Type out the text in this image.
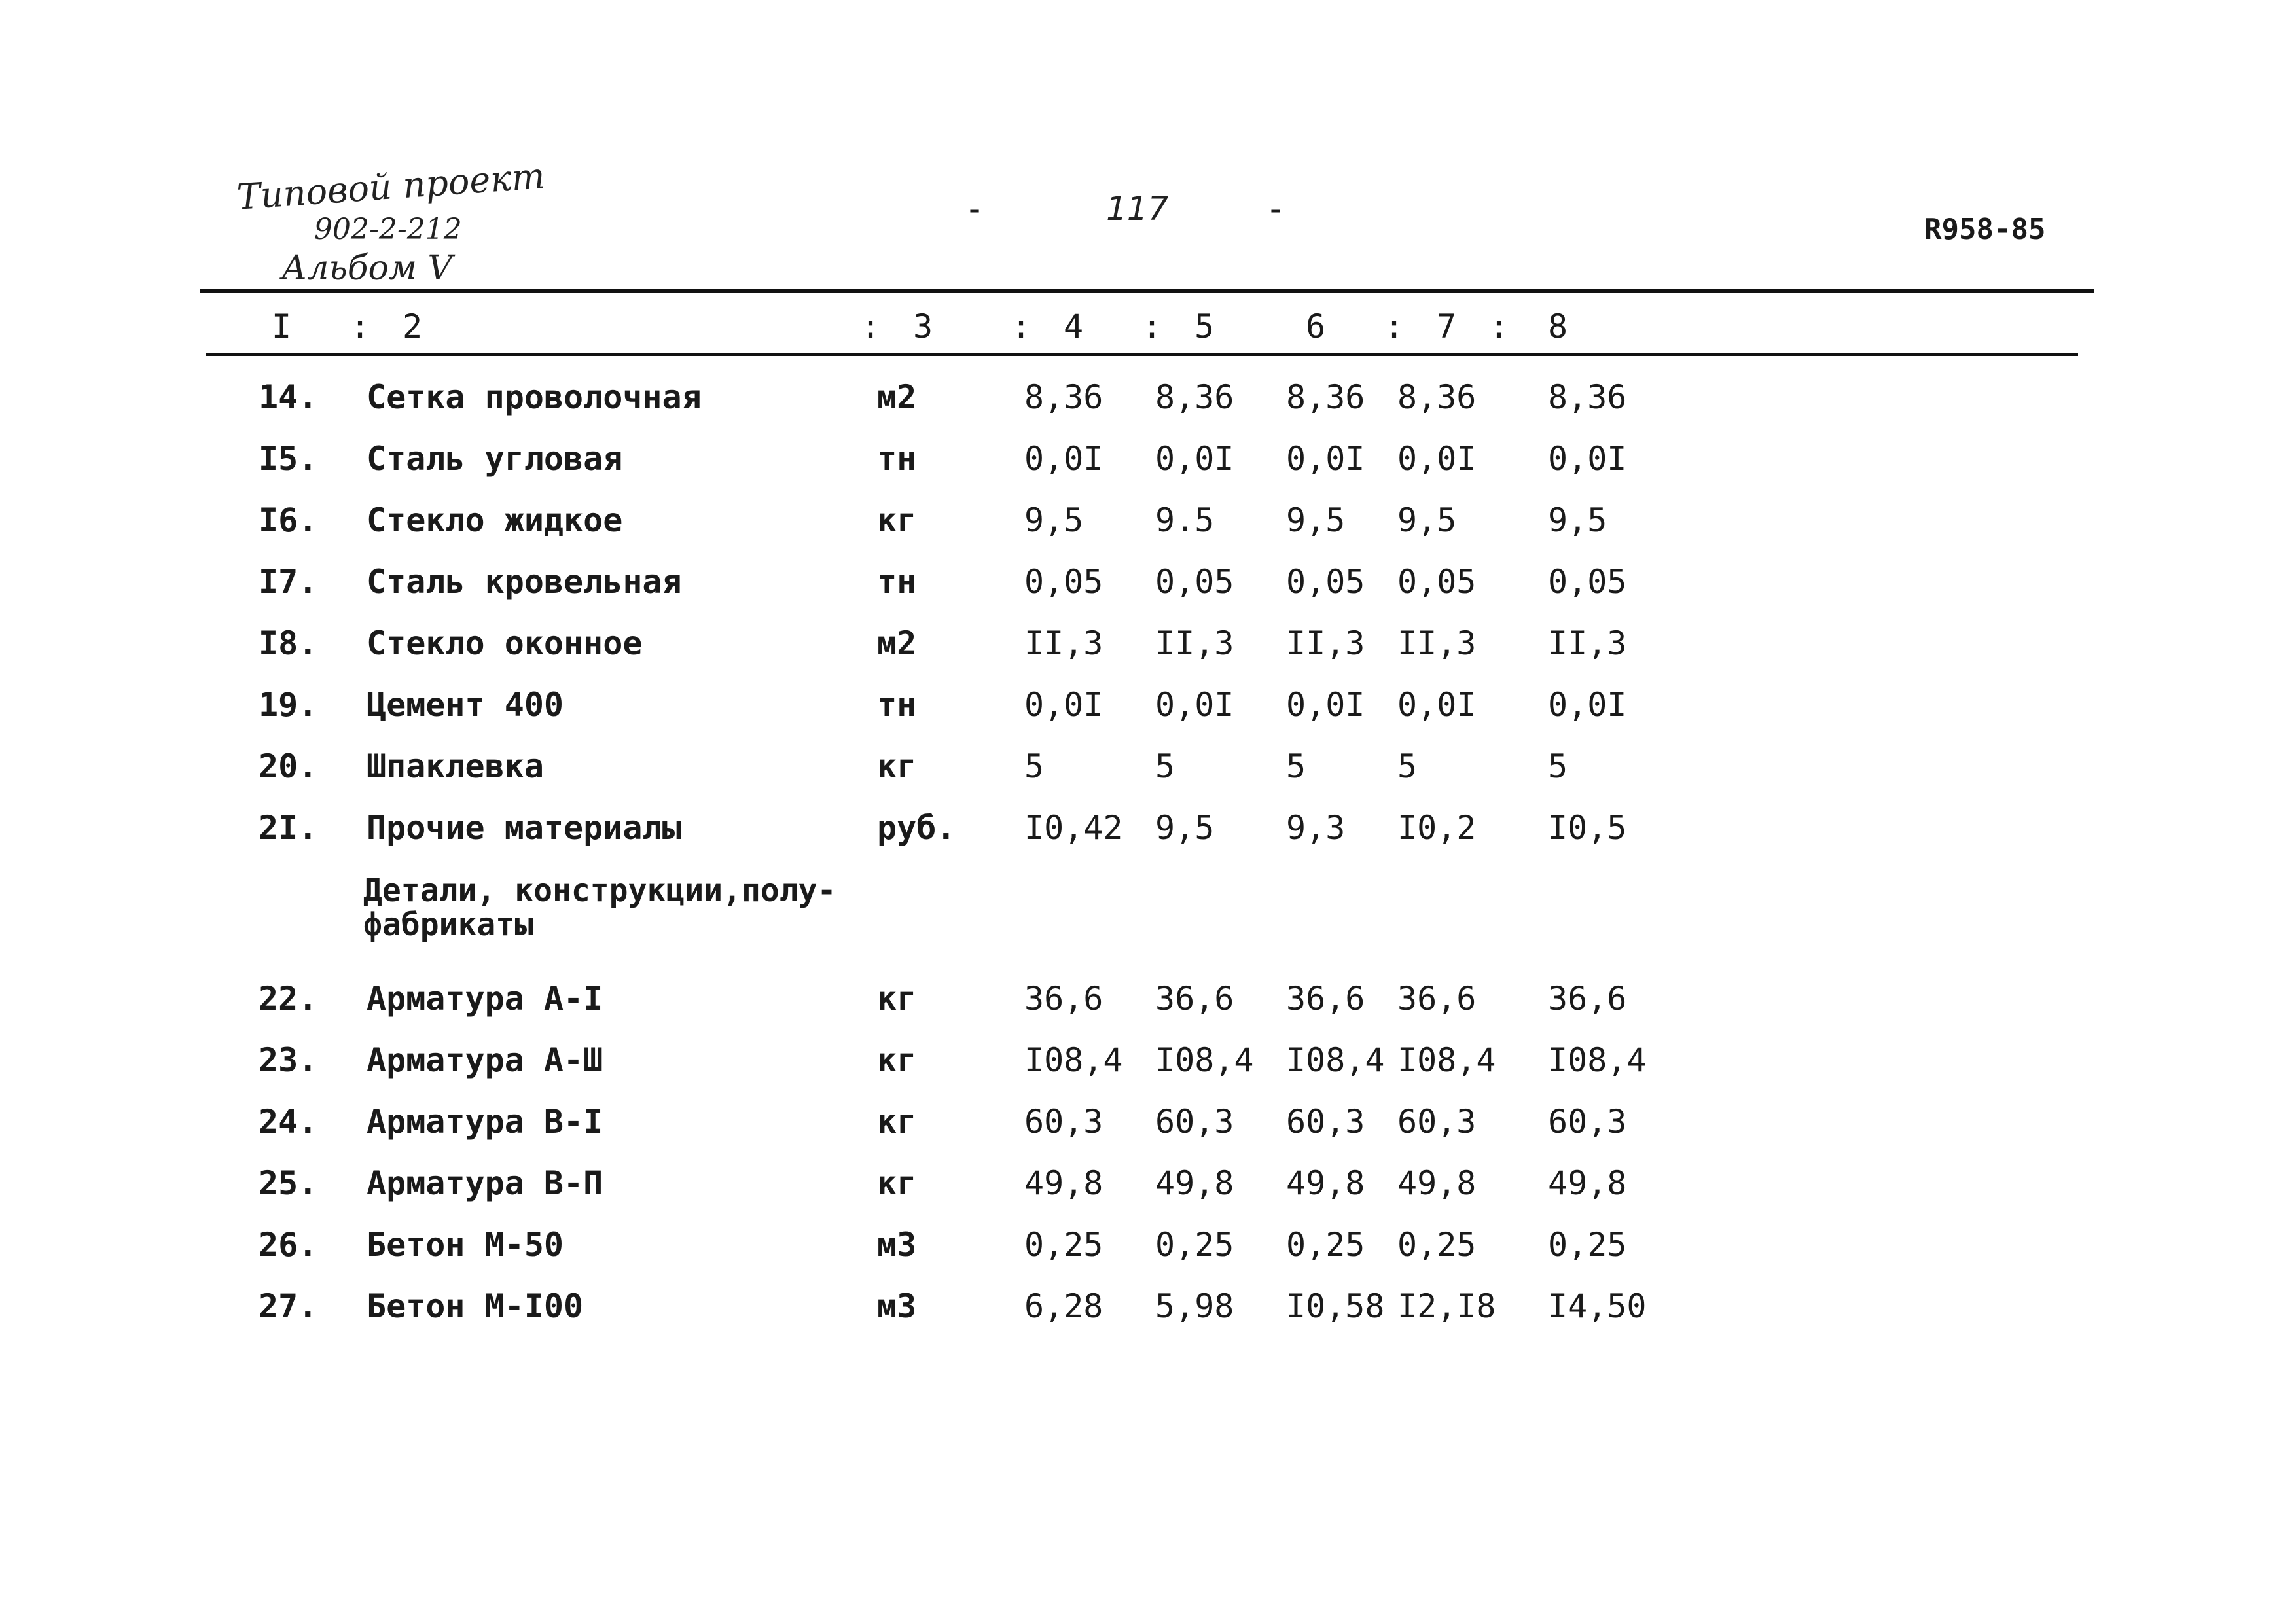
Типовой проект
902-2-212
Альбом V
-	117	-
R958-85
I : 2	: 3 : 4 : 5	6 : 7 : 8
14. Сетка проволочная	м2	8,36 8,36 8,36 8,36 8,36
I5. Сталь угловая	тн	0,0I 0,0I 0,0I 0,0I 0,0I
I6. Стекло жидкое	кг	9,5 9.5 9,5 9,5	9,5
I7. Сталь кровельная	тн	0,05 0,05 0,05 0,05 0,05
I8. Стекло оконное	м2	II,3 II,3 II,3 II,3 II,3
19. Цемент 400	тн	0,0I 0,0I 0,0I 0,0I 0,0I
20. Шпаклевка	кг	5	5	5	5	5
2I. Прочие материалы	руб. I0,42 9,5 9,3 I0,2 I0,5
Детали, конструкции,полу-фабрикаты
22. Арматура А-I	кг	36,6 36,6 36,6 36,6 36,6
23. Арматура А-Ш	кг	I08,4 I08,4 I08,4 I08,4 I08,4
24. Арматура В-I	кг	60,3 60,3 60,3 60,3 60,3
25. Арматура В-П	кг	49,8 49,8 49,8 49,8 49,8
26. Бетон М-50	м3	0,25 0,25 0,25 0,25 0,25
27. Бетон М-I00	м3	6,28 5,98 I0,58 I2,I8 I4,50
